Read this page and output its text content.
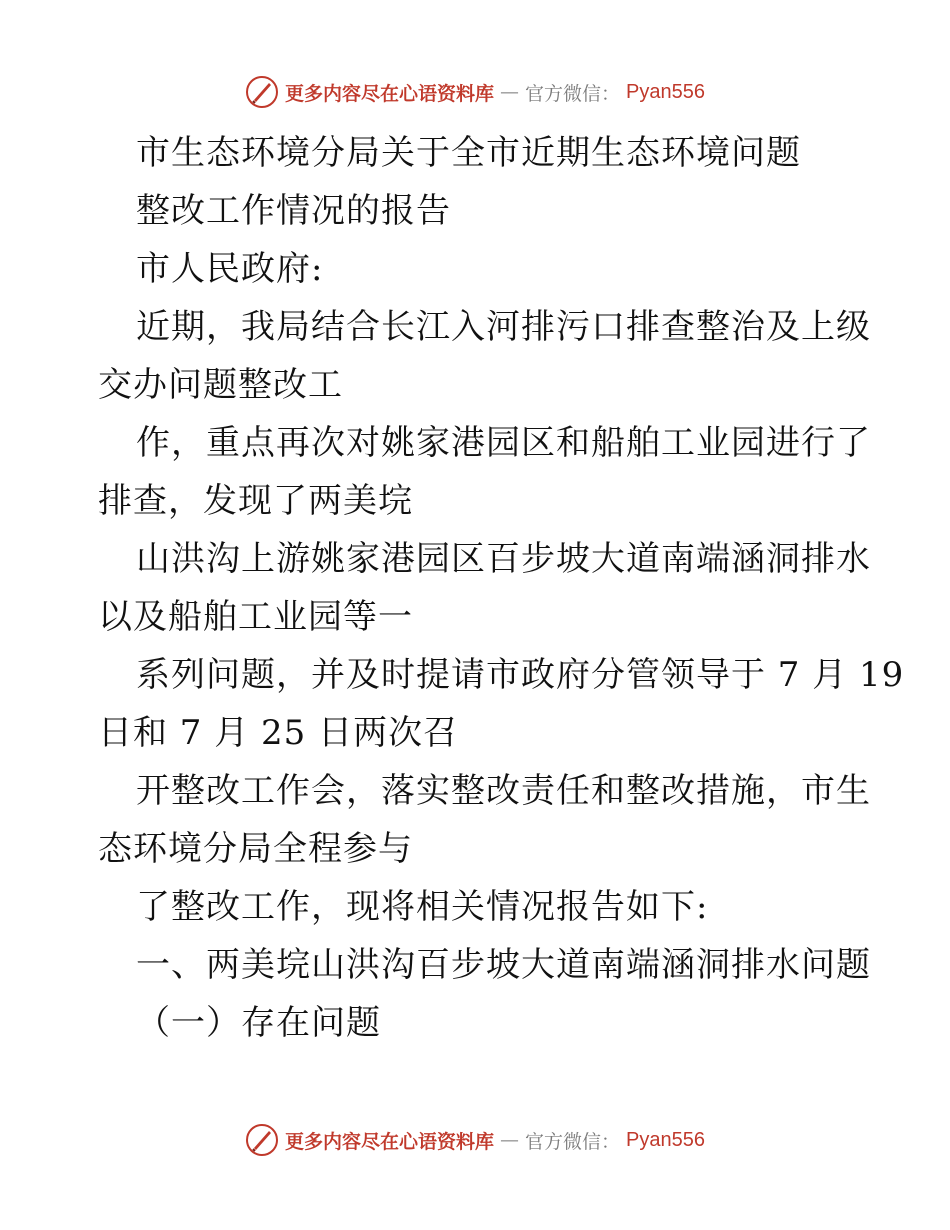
更多内容尽在心语资料库 — 官方微信： Pyan556
市生态环境分局关于全市近期生态环境问题
整改工作情况的报告
市人民政府:
近期，我局结合长江入河排污口排查整治及上级
交办问题整改工
作，重点再次对姚家港园区和船舶工业园进行了
排查，发现了两美垸
山洪沟上游姚家港园区百步坡大道南端涵洞排水
以及船舶工业园等一
系列问题，并及时提请市政府分管领导于 7 月 19
日和 7 月 25 日两次召
开整改工作会，落实整改责任和整改措施，市生
态环境分局全程参与
了整改工作，现将相关情况报告如下:
一、两美垸山洪沟百步坡大道南端涵洞排水问题
（一）存在问题
更多内容尽在心语资料库 — 官方微信： Pyan556
